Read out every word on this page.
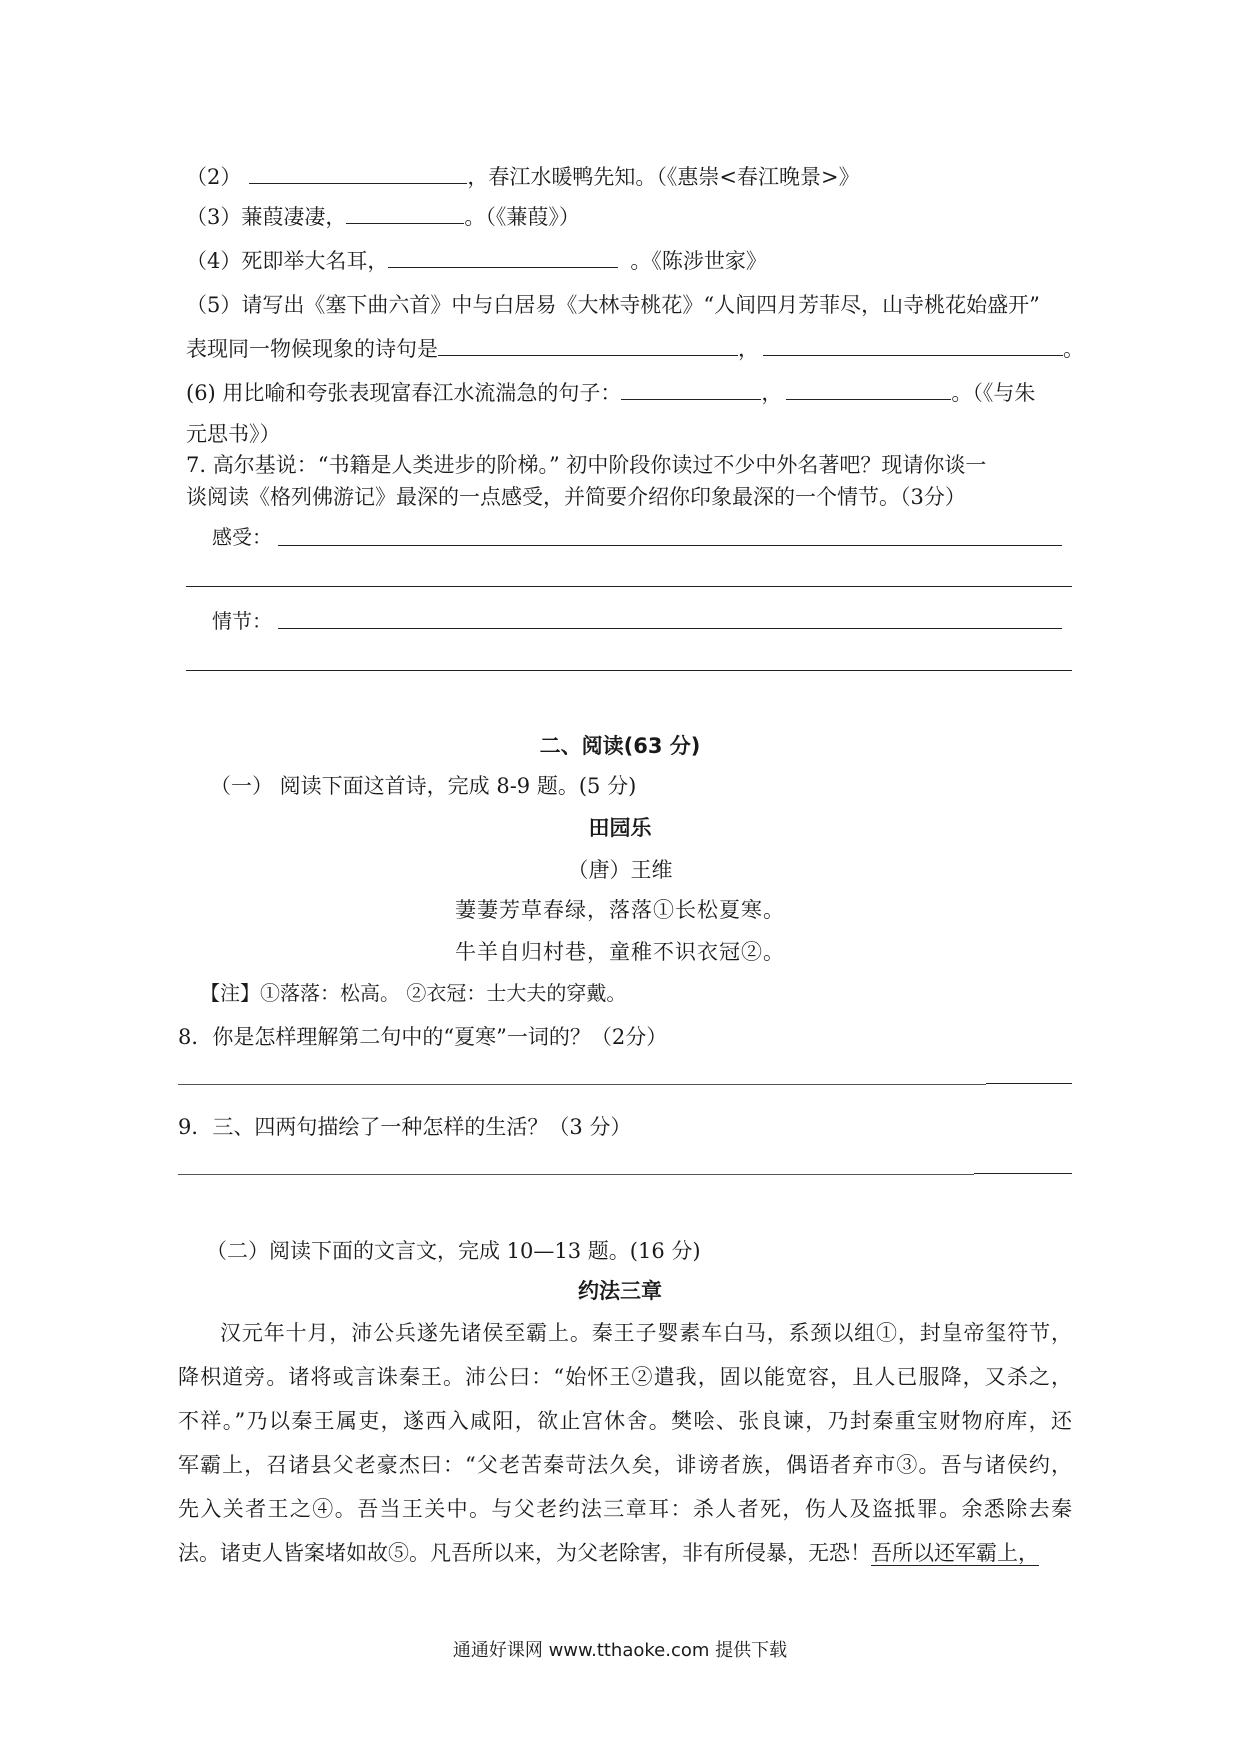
（2）	，春江水暖鸭先知。（《惠崇<春江晚景>》
（3）蒹葭凄凄，	。（《蒹葭》）
（4）死即举大名耳，	。《陈涉世家》
（5）请写出《塞下曲六首》中与白居易《大林寺桃花》“人间四月芳菲尽，山寺桃花始盛开”
表现同一物候现象的诗句是	，	。
(6) 用比喻和夸张表现富春江水流湍急的句子：	，	。（《与朱
元思书》）
7. 高尔基说：“书籍是人类进步的阶梯。” 初中阶段你读过不少中外名著吧？现请你谈一
谈阅读《格列佛游记》最深的一点感受，并简要介绍你印象最深的一个情节。（3分）
感受：
情节：
二、阅读(63 分)
（一） 阅读下面这首诗，完成 8-9 题。(5 分)
田园乐
（唐）王维
萋萋芳草春绿，落落①长松夏寒。
牛羊自归村巷，童稚不识衣冠②。
【注】①落落：松高。 ②衣冠：士大夫的穿戴。
8．你是怎样理解第二句中的“夏寒”一词的？（2分）
9．三、四两句描绘了一种怎样的生活？（3 分）
（二）阅读下面的文言文，完成 10—13 题。(16 分)
约法三章
汉元年十月，沛公兵遂先诸侯至霸上。秦王子婴素车白马，系颈以组①，封皇帝玺符节，
降枳道旁。诸将或言诛秦王。沛公曰：“始怀王②遣我，固以能宽容，且人已服降，又杀之，
不祥。”乃以秦王属吏，遂西入咸阳，欲止宫休舍。樊哙、张良谏，乃封秦重宝财物府库，还
军霸上，召诸县父老豪杰曰：“父老苦秦苛法久矣，诽谤者族，偶语者弃市③。吾与诸侯约，
先入关者王之④。吾当王关中。与父老约法三章耳：杀人者死，伤人及盗抵罪。余悉除去秦
法。诸吏人皆案堵如故⑤。凡吾所以来，为父老除害，非有所侵暴，无恐！吾所以还军霸上，
通通好课网 www.tthaoke.com 提供下载
